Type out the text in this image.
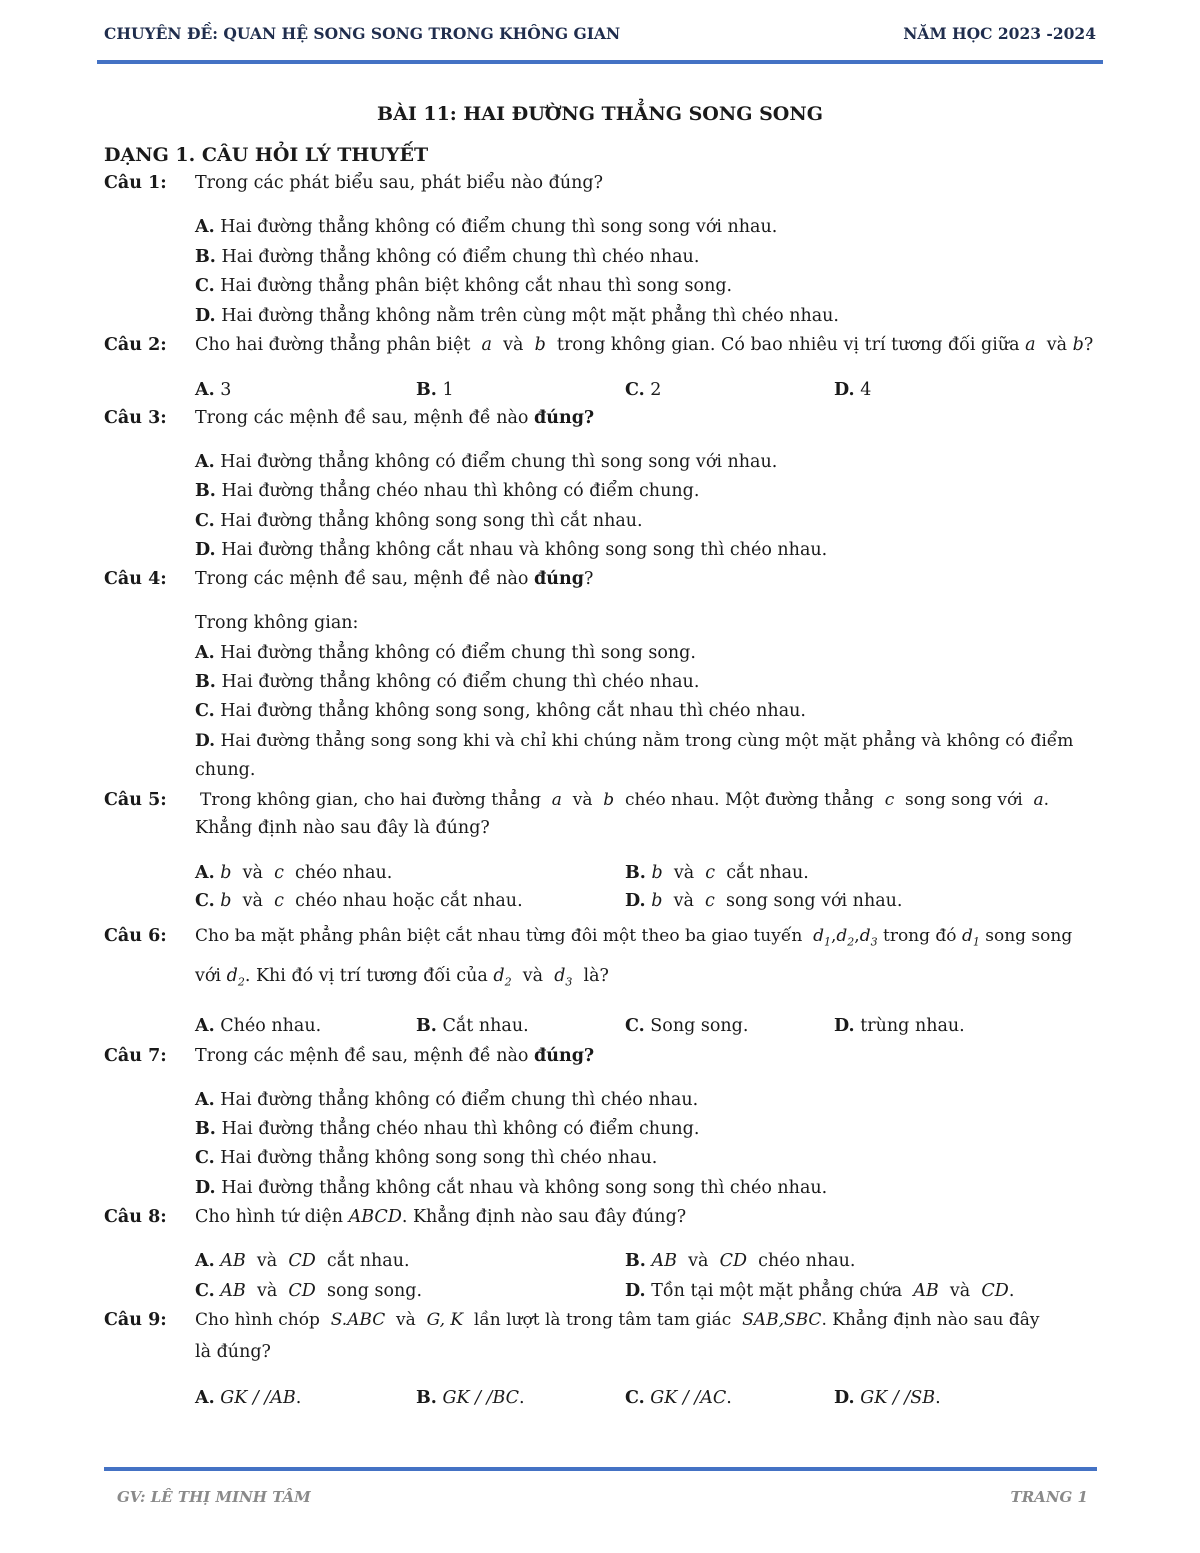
CHUYÊN ĐỀ: QUAN HỆ SONG SONG TRONG KHÔNG GIAN	NĂM HỌC 2023 -2024
BÀI 11: HAI ĐƯỜNG THẲNG SONG SONG
DẠNG 1. CÂU HỎI LÝ THUYẾT
Câu 1: Trong các phát biểu sau, phát biểu nào đúng?
A. Hai đường thẳng không có điểm chung thì song song với nhau.
B. Hai đường thẳng không có điểm chung thì chéo nhau.
C. Hai đường thẳng phân biệt không cắt nhau thì song song.
D. Hai đường thẳng không nằm trên cùng một mặt phẳng thì chéo nhau.
Câu 2: Cho hai đường thẳng phân biệt a và b trong không gian. Có bao nhiêu vị trí tương đối giữa a và b?
A. 3	B. 1	C. 2	D. 4
Câu 3: Trong các mệnh đề sau, mệnh đề nào đúng?
A. Hai đường thẳng không có điểm chung thì song song với nhau.
B. Hai đường thẳng chéo nhau thì không có điểm chung.
C. Hai đường thẳng không song song thì cắt nhau.
D. Hai đường thẳng không cắt nhau và không song song thì chéo nhau.
Câu 4: Trong các mệnh đề sau, mệnh đề nào đúng?
Trong không gian:
A. Hai đường thẳng không có điểm chung thì song song.
B. Hai đường thẳng không có điểm chung thì chéo nhau.
C. Hai đường thẳng không song song, không cắt nhau thì chéo nhau.
D. Hai đường thẳng song song khi và chỉ khi chúng nằm trong cùng một mặt phẳng và không có điểm
chung.
Câu 5: Trong không gian, cho hai đường thẳng a và b chéo nhau. Một đường thẳng c song song với a.
Khẳng định nào sau đây là đúng?
A. b và c chéo nhau.	B. b và c cắt nhau.
C. b và c chéo nhau hoặc cắt nhau.	D. b và c song song với nhau.
Câu 6: Cho ba mặt phẳng phân biệt cắt nhau từng đôi một theo ba giao tuyến $d_1,d_2,d_3$ trong đó $d_1$ song song
với $d_2$. Khi đó vị trí tương đối của $d_2$ và $d_3$ là?
A. Chéo nhau.	B. Cắt nhau.	C. Song song.	D. trùng nhau.
Câu 7: Trong các mệnh đề sau, mệnh đề nào đúng?
A. Hai đường thẳng không có điểm chung thì chéo nhau.
B. Hai đường thẳng chéo nhau thì không có điểm chung.
C. Hai đường thẳng không song song thì chéo nhau.
D. Hai đường thẳng không cắt nhau và không song song thì chéo nhau.
Câu 8: Cho hình tứ diện ABCD. Khẳng định nào sau đây đúng?
A. AB và CD cắt nhau.	B. AB và CD chéo nhau.
C. AB và CD song song.	D. Tồn tại một mặt phẳng chứa AB và CD.
Câu 9: Cho hình chóp S.ABC và G, K lần lượt là trong tâm tam giác SAB,SBC. Khẳng định nào sau đây
là đúng?
A. GK / /AB.	B. GK / /BC.	C. GK / /AC.	D. GK / /SB.
GV: LÊ THỊ MINH TÂM	TRANG 1
